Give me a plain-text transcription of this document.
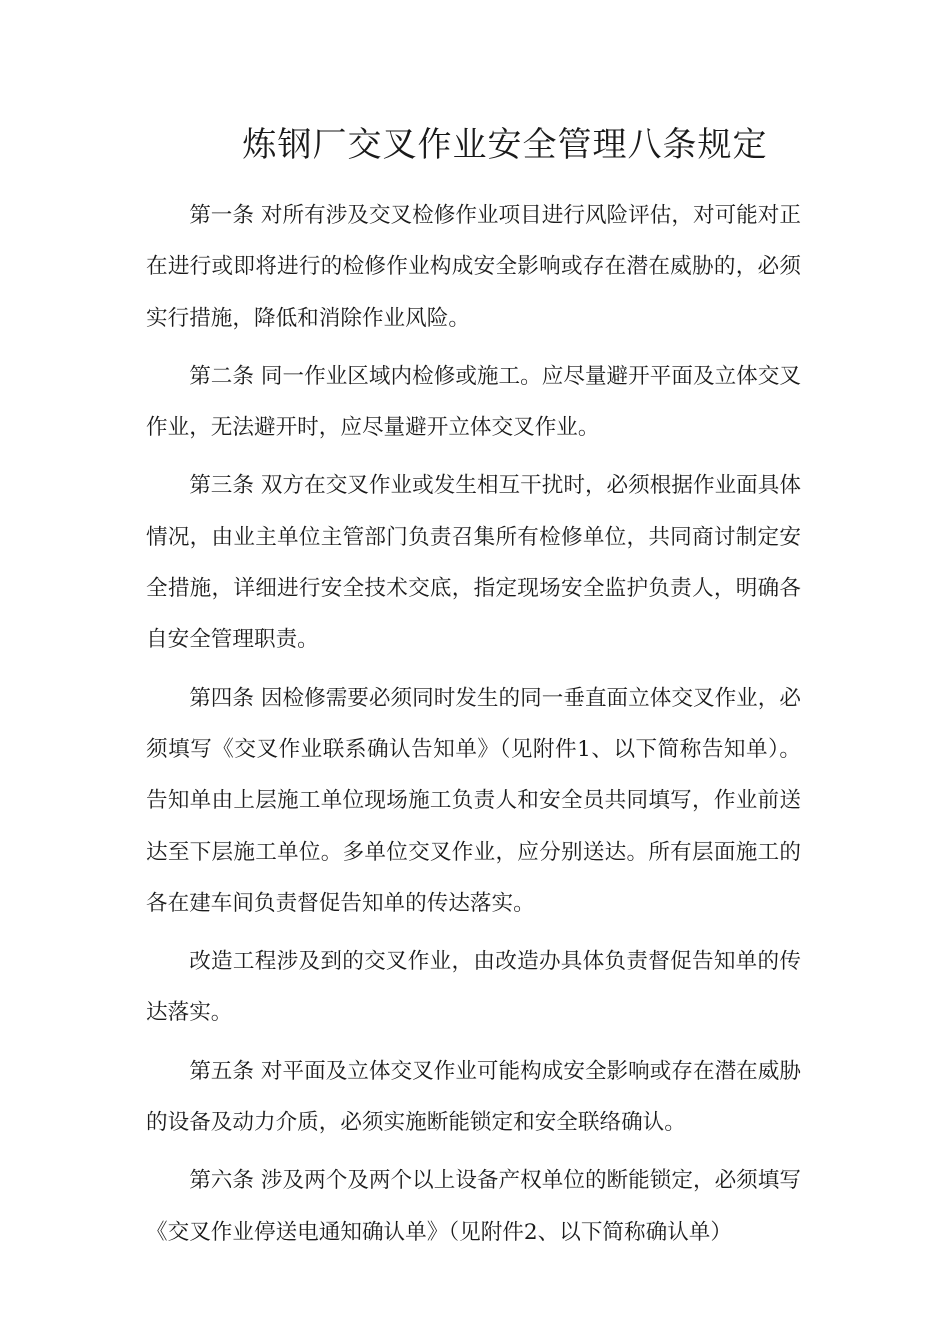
炼钢厂交叉作业安全管理八条规定

第一条 对所有涉及交叉检修作业项目进行风险评估，对可能对正在进行或即将进行的检修作业构成安全影响或存在潜在威胁的，必须实行措施，降低和消除作业风险。

第二条 同一作业区域内检修或施工。应尽量避开平面及立体交叉作业，无法避开时，应尽量避开立体交叉作业。

第三条 双方在交叉作业或发生相互干扰时，必须根据作业面具体情况，由业主单位主管部门负责召集所有检修单位，共同商讨制定安全措施，详细进行安全技术交底，指定现场安全监护负责人，明确各自安全管理职责。

第四条 因检修需要必须同时发生的同一垂直面立体交叉作业，必须填写《交叉作业联系确认告知单》（见附件1、以下简称告知单）。告知单由上层施工单位现场施工负责人和安全员共同填写，作业前送达至下层施工单位。多单位交叉作业，应分别送达。所有层面施工的各在建车间负责督促告知单的传达落实。

改造工程涉及到的交叉作业，由改造办具体负责督促告知单的传达落实。

第五条 对平面及立体交叉作业可能构成安全影响或存在潜在威胁的设备及动力介质，必须实施断能锁定和安全联络确认。

第六条 涉及两个及两个以上设备产权单位的断能锁定，必须填写《交叉作业停送电通知确认单》（见附件2、以下简称确认单）
